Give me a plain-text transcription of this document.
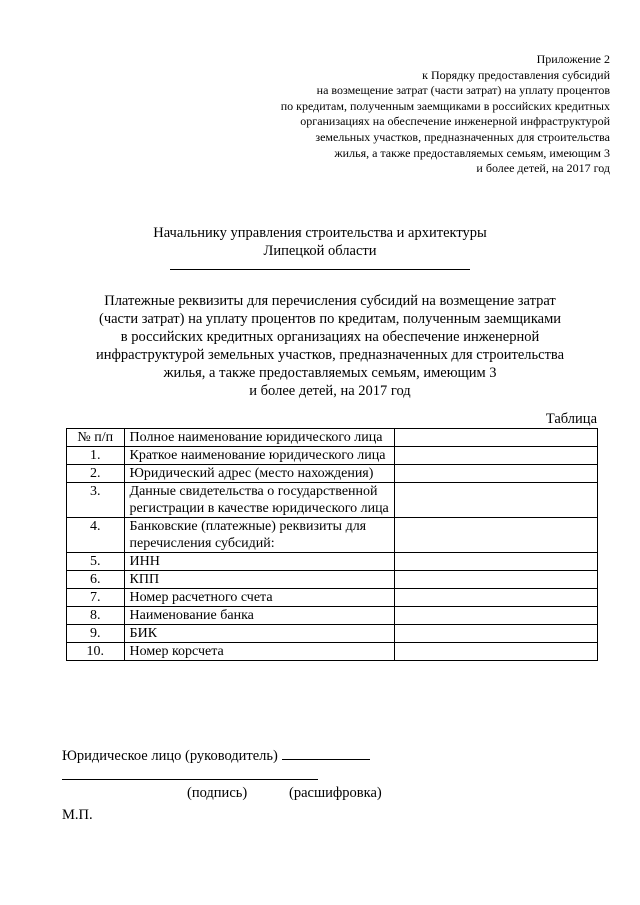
Приложение 2
к Порядку предоставления субсидий
на возмещение затрат (части затрат) на уплату процентов
по кредитам, полученным заемщиками в российских кредитных
организациях на обеспечение инженерной инфраструктурой
земельных участков, предназначенных для строительства
жилья, а также предоставляемых семьям, имеющим 3
и более детей, на 2017 год
Начальнику управления строительства и архитектуры
Липецкой области
Платежные реквизиты для перечисления субсидий на возмещение затрат
(части затрат) на уплату процентов по кредитам, полученным заемщиками
в российских кредитных организациях на обеспечение инженерной
инфраструктурой земельных участков, предназначенных для строительства
жилья, а также предоставляемых семьям, имеющим 3
и более детей, на 2017 год
Таблица
№ п/п	Полное наименование юридического лица	
1.	Краткое наименование юридического лица	
2.	Юридический адрес (место нахождения)	
3.	Данные свидетельства о государственной регистрации в качестве юридического лица	
4.	Банковские (платежные) реквизиты для перечисления субсидий:	
5.	ИНН	
6.	КПП	
7.	Номер расчетного счета	
8.	Наименование банка	
9.	БИК	
10.	Номер корсчета	
Юридическое лицо (руководитель)
(подпись)	(расшифровка)
М.П.
